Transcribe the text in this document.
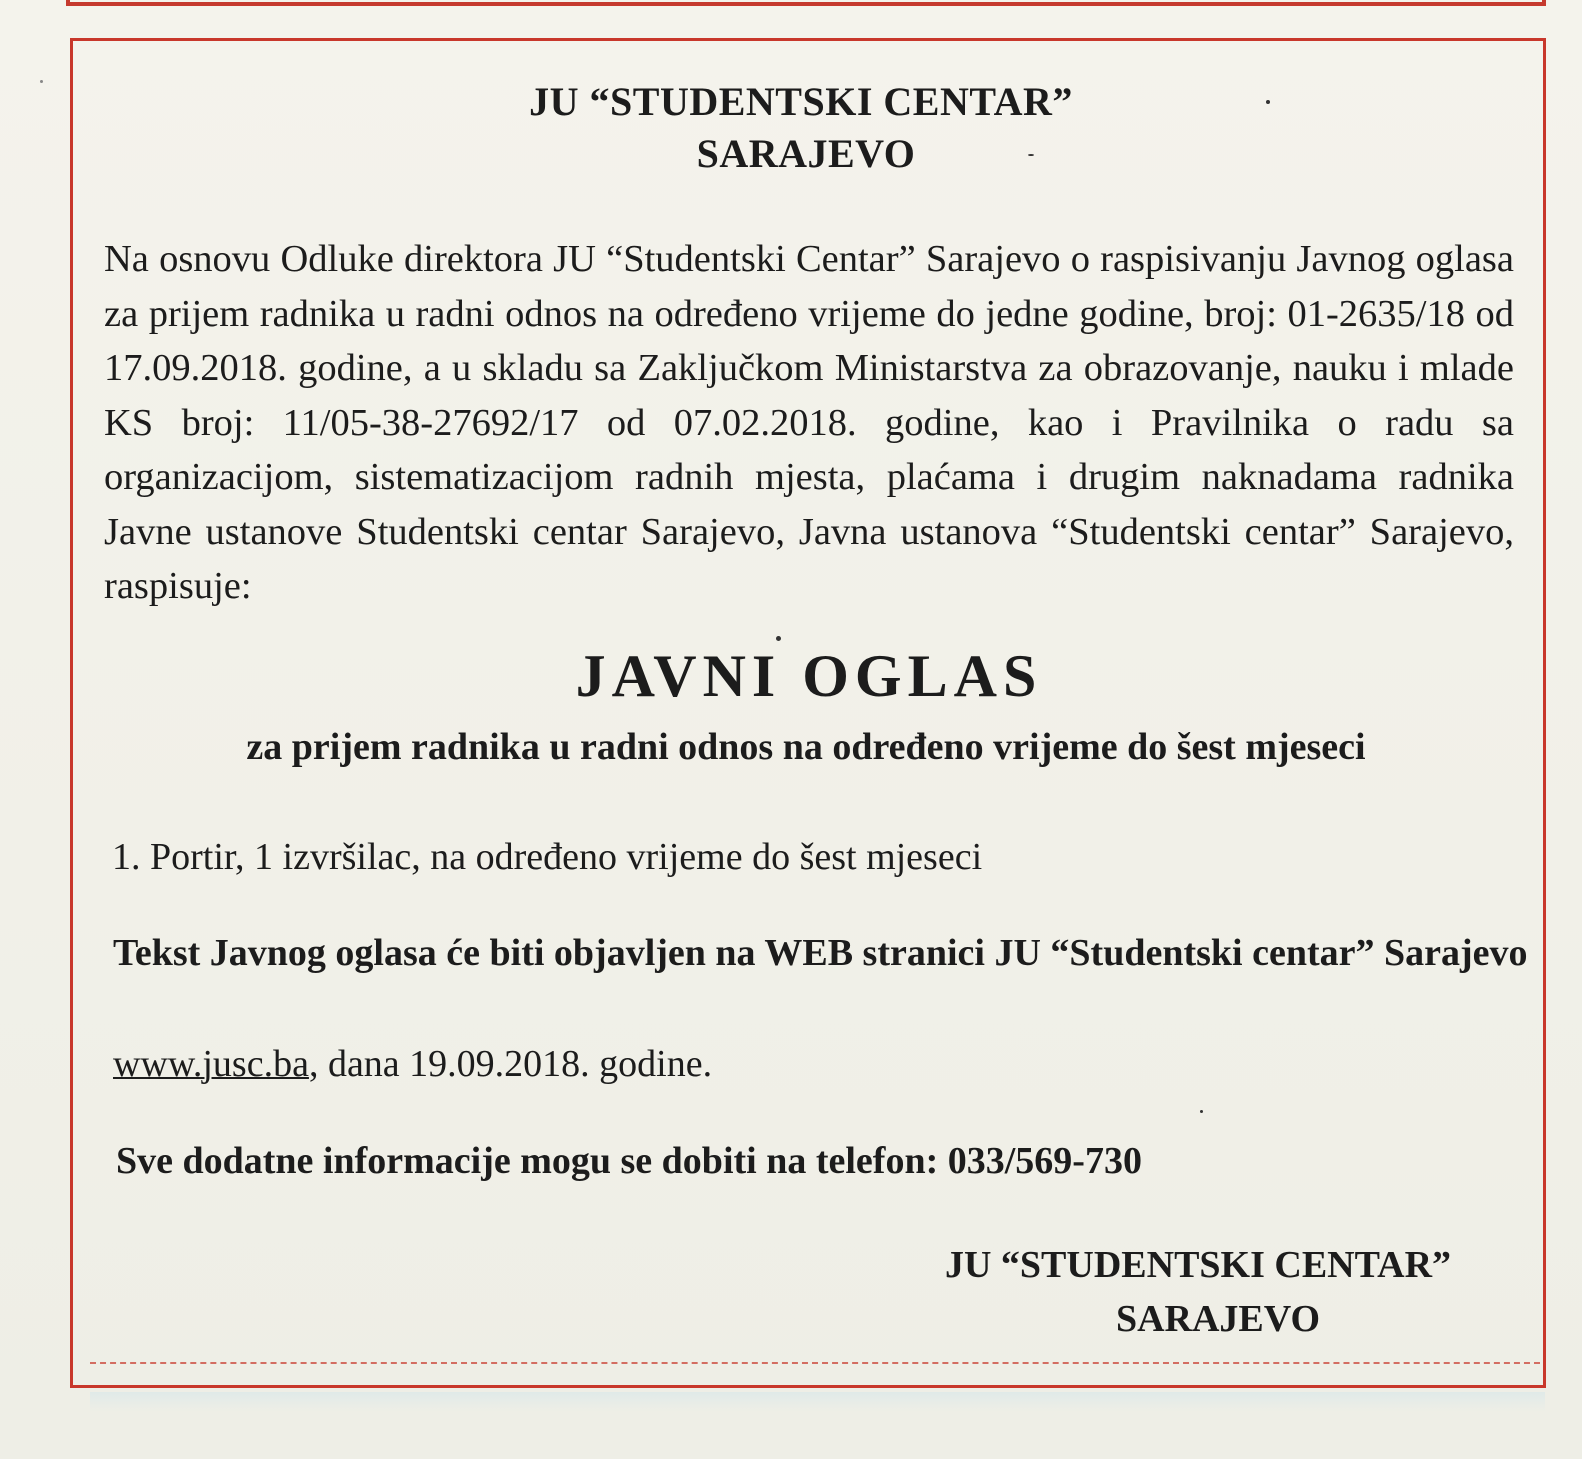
JU “STUDENTSKI CENTAR”
SARAJEVO

Na osnovu Odluke direktora JU “Studentski Centar” Sarajevo o raspisivanju Javnog oglasa za prijem radnika u radni odnos na određeno vrijeme do jedne godine, broj: 01-2635/18 od 17.09.2018. godine, a u skladu sa Zaključkom Ministarstva za obrazovanje, nauku i mlade KS broj: 11/05-38-27692/17 od 07.02.2018. godine, kao i Pravilnika o radu sa organizacijom, sistematizacijom radnih mjesta, plaćama i drugim naknadama radnika Javne ustanove Studentski centar Sarajevo, Javna ustanova “Studentski centar” Sarajevo, raspisuje:

JAVNI OGLAS
za prijem radnika u radni odnos na određeno vrijeme do šest mjeseci
1. Portir, 1 izvršilac, na određeno vrijeme do šest mjeseci

Tekst Javnog oglasa će biti objavljen na WEB stranici JU “Studentski centar” Sarajevo

www.jusc.ba, dana 19.09.2018. godine.
Sve dodatne informacije mogu se dobiti na telefon: 033/569-730
JU “STUDENTSKI CENTAR”
SARAJEVO
